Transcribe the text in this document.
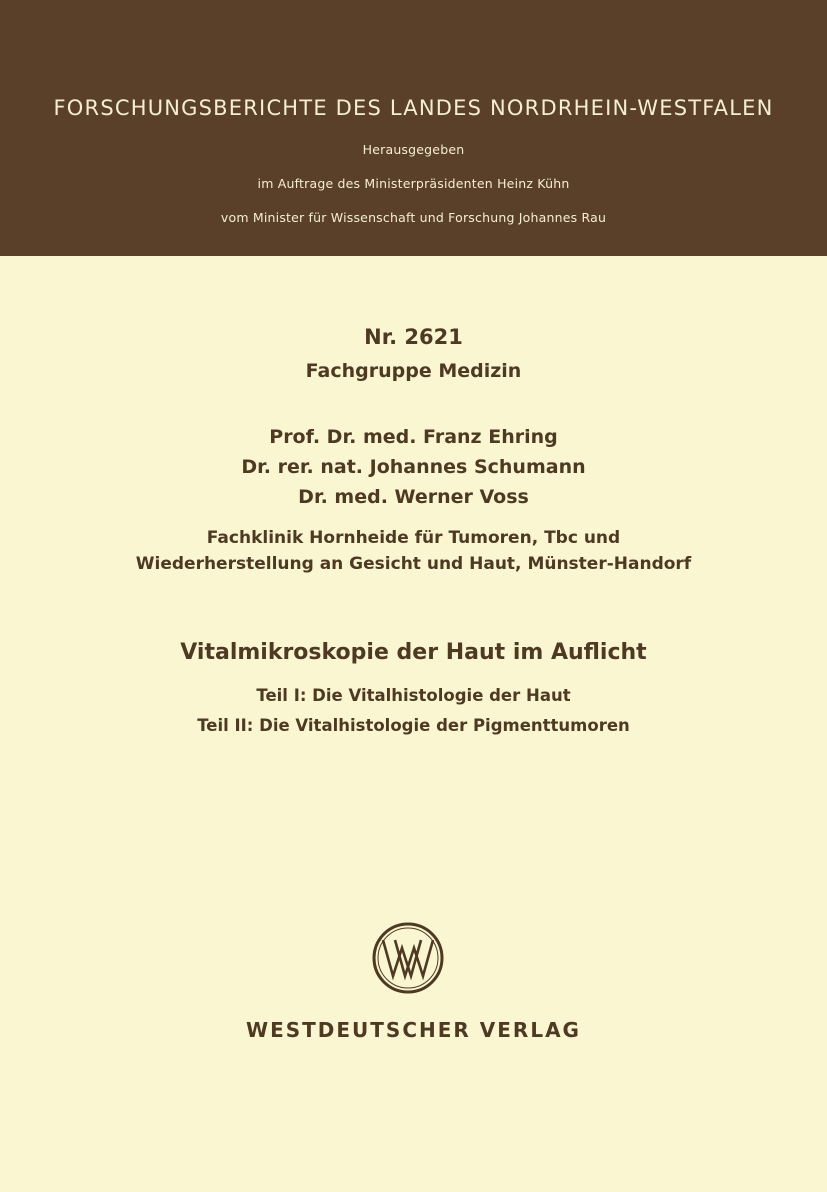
FORSCHUNGSBERICHTE DES LANDES NORDRHEIN-WESTFALEN
Herausgegeben
im Auftrage des Ministerpräsidenten Heinz Kühn
vom Minister für Wissenschaft und Forschung Johannes Rau
Nr. 2621
Fachgruppe Medizin
Prof. Dr. med. Franz Ehring
Dr. rer. nat. Johannes Schumann
Dr. med. Werner Voss
Fachklinik Hornheide für Tumoren, Tbc und
Wiederherstellung an Gesicht und Haut, Münster-Handorf
Vitalmikroskopie der Haut im Auflicht
Teil I: Die Vitalhistologie der Haut
Teil II: Die Vitalhistologie der Pigmenttumoren
WESTDEUTSCHER VERLAG
